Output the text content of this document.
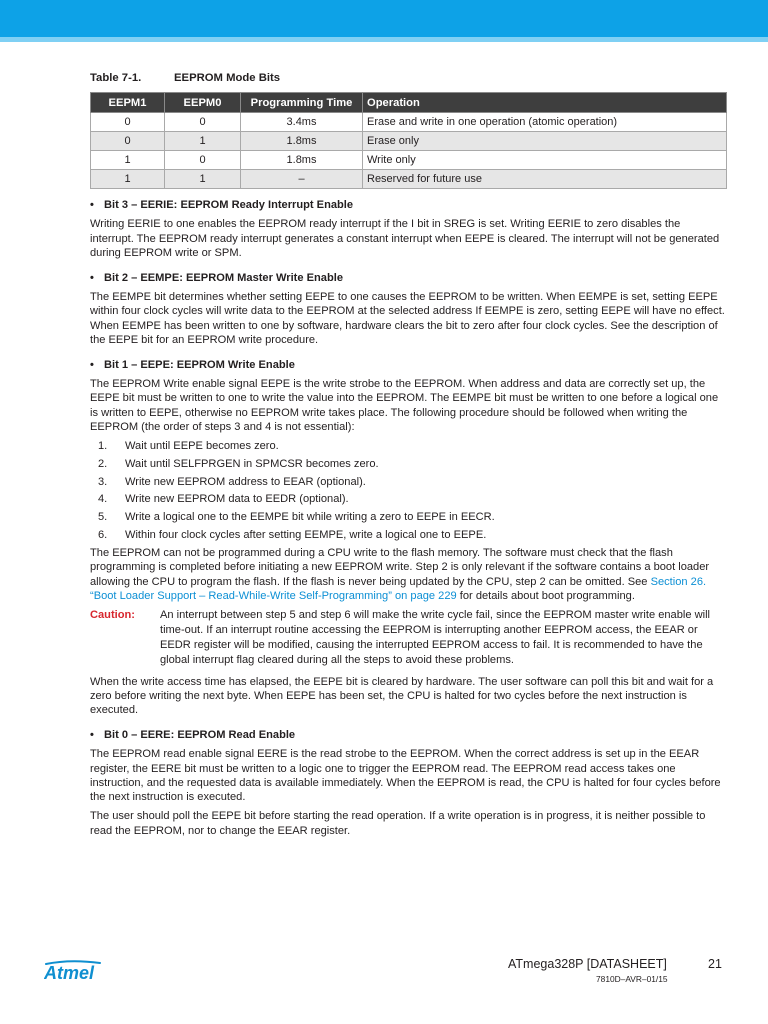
Table 7-1.	EEPROM Mode Bits
EEPM1	EEPM0	Programming Time	Operation
0	0	3.4ms	Erase and write in one operation (atomic operation)
0	1	1.8ms	Erase only
1	0	1.8ms	Write only
1	1	–	Reserved for future use
• Bit 3 – EERIE: EEPROM Ready Interrupt Enable

Writing EERIE to one enables the EEPROM ready interrupt if the I bit in SREG is set. Writing EERIE to zero disables the interrupt. The EEPROM ready interrupt generates a constant interrupt when EEPE is cleared. The interrupt will not be generated during EEPROM write or SPM.

• Bit 2 – EEMPE: EEPROM Master Write Enable

The EEMPE bit determines whether setting EEPE to one causes the EEPROM to be written. When EEMPE is set, setting EEPE within four clock cycles will write data to the EEPROM at the selected address If EEMPE is zero, setting EEPE will have no effect. When EEMPE has been written to one by software, hardware clears the bit to zero after four clock cycles. See the description of the EEPE bit for an EEPROM write procedure.

• Bit 1 – EEPE: EEPROM Write Enable

The EEPROM Write enable signal EEPE is the write strobe to the EEPROM. When address and data are correctly set up, the EEPE bit must be written to one to write the value into the EEPROM. The EEMPE bit must be written to one before a logical one is written to EEPE, otherwise no EEPROM write takes place. The following procedure should be followed when writing the EEPROM (the order of steps 3 and 4 is not essential):

1. Wait until EEPE becomes zero.
2. Wait until SELFPRGEN in SPMCSR becomes zero.
3. Write new EEPROM address to EEAR (optional).
4. Write new EEPROM data to EEDR (optional).
5. Write a logical one to the EEMPE bit while writing a zero to EEPE in EECR.
6. Within four clock cycles after setting EEMPE, write a logical one to EEPE.

The EEPROM can not be programmed during a CPU write to the flash memory. The software must check that the flash programming is completed before initiating a new EEPROM write. Step 2 is only relevant if the software contains a boot loader allowing the CPU to program the flash. If the flash is never being updated by the CPU, step 2 can be omitted. See Section 26. “Boot Loader Support – Read-While-Write Self-Programming” on page 229 for details about boot programming.

Caution:	An interrupt between step 5 and step 6 will make the write cycle fail, since the EEPROM master write enable will time-out. If an interrupt routine accessing the EEPROM is interrupting another EEPROM access, the EEAR or EEDR register will be modified, causing the interrupted EEPROM access to fail. It is recommended to have the global interrupt flag cleared during all the steps to avoid these problems.

When the write access time has elapsed, the EEPE bit is cleared by hardware. The user software can poll this bit and wait for a zero before writing the next byte. When EEPE has been set, the CPU is halted for two cycles before the next instruction is executed.

• Bit 0 – EERE: EEPROM Read Enable

The EEPROM read enable signal EERE is the read strobe to the EEPROM. When the correct address is set up in the EEAR register, the EERE bit must be written to a logic one to trigger the EEPROM read. The EEPROM read access takes one instruction, and the requested data is available immediately. When the EEPROM is read, the CPU is halted for four cycles before the next instruction is executed.

The user should poll the EEPE bit before starting the read operation. If a write operation is in progress, it is neither possible to read the EEPROM, nor to change the EEAR register.

Atmel	ATmega328P [DATASHEET]	21
7810D–AVR–01/15
